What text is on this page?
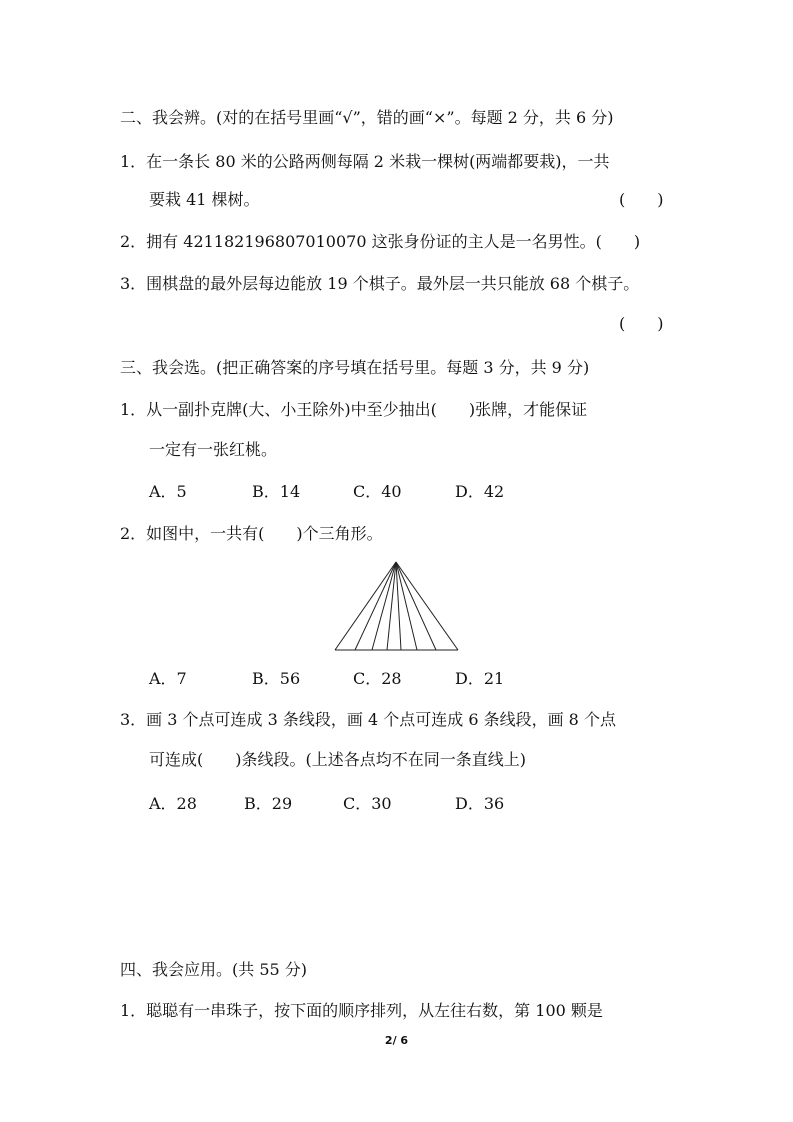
二、我会辨。(对的在括号里画“√”，错的画“×”。每题 2 分，共 6 分)
1．在一条长 80 米的公路两侧每隔 2 米栽一棵树(两端都要栽)，一共
要栽 41 棵树。	(　　)
2．拥有 421182196807010070 这张身份证的主人是一名男性。(　　)
3．围棋盘的最外层每边能放 19 个棋子。最外层一共只能放 68 个棋子。
(　　)
三、我会选。(把正确答案的序号填在括号里。每题 3 分，共 9 分)
1．从一副扑克牌(大、小王除外)中至少抽出(　　)张牌，才能保证
一定有一张红桃。
A．5	B．14	C．40	D．42
2．如图中，一共有(　　)个三角形。
A．7	B．56	C．28	D．21
3．画 3 个点可连成 3 条线段，画 4 个点可连成 6 条线段，画 8 个点
可连成(　　)条线段。(上述各点均不在同一条直线上)
A．28	B．29	C．30	D．36
四、我会应用。(共 55 分)
1．聪聪有一串珠子，按下面的顺序排列，从左往右数，第 100 颗是
2/ 6
